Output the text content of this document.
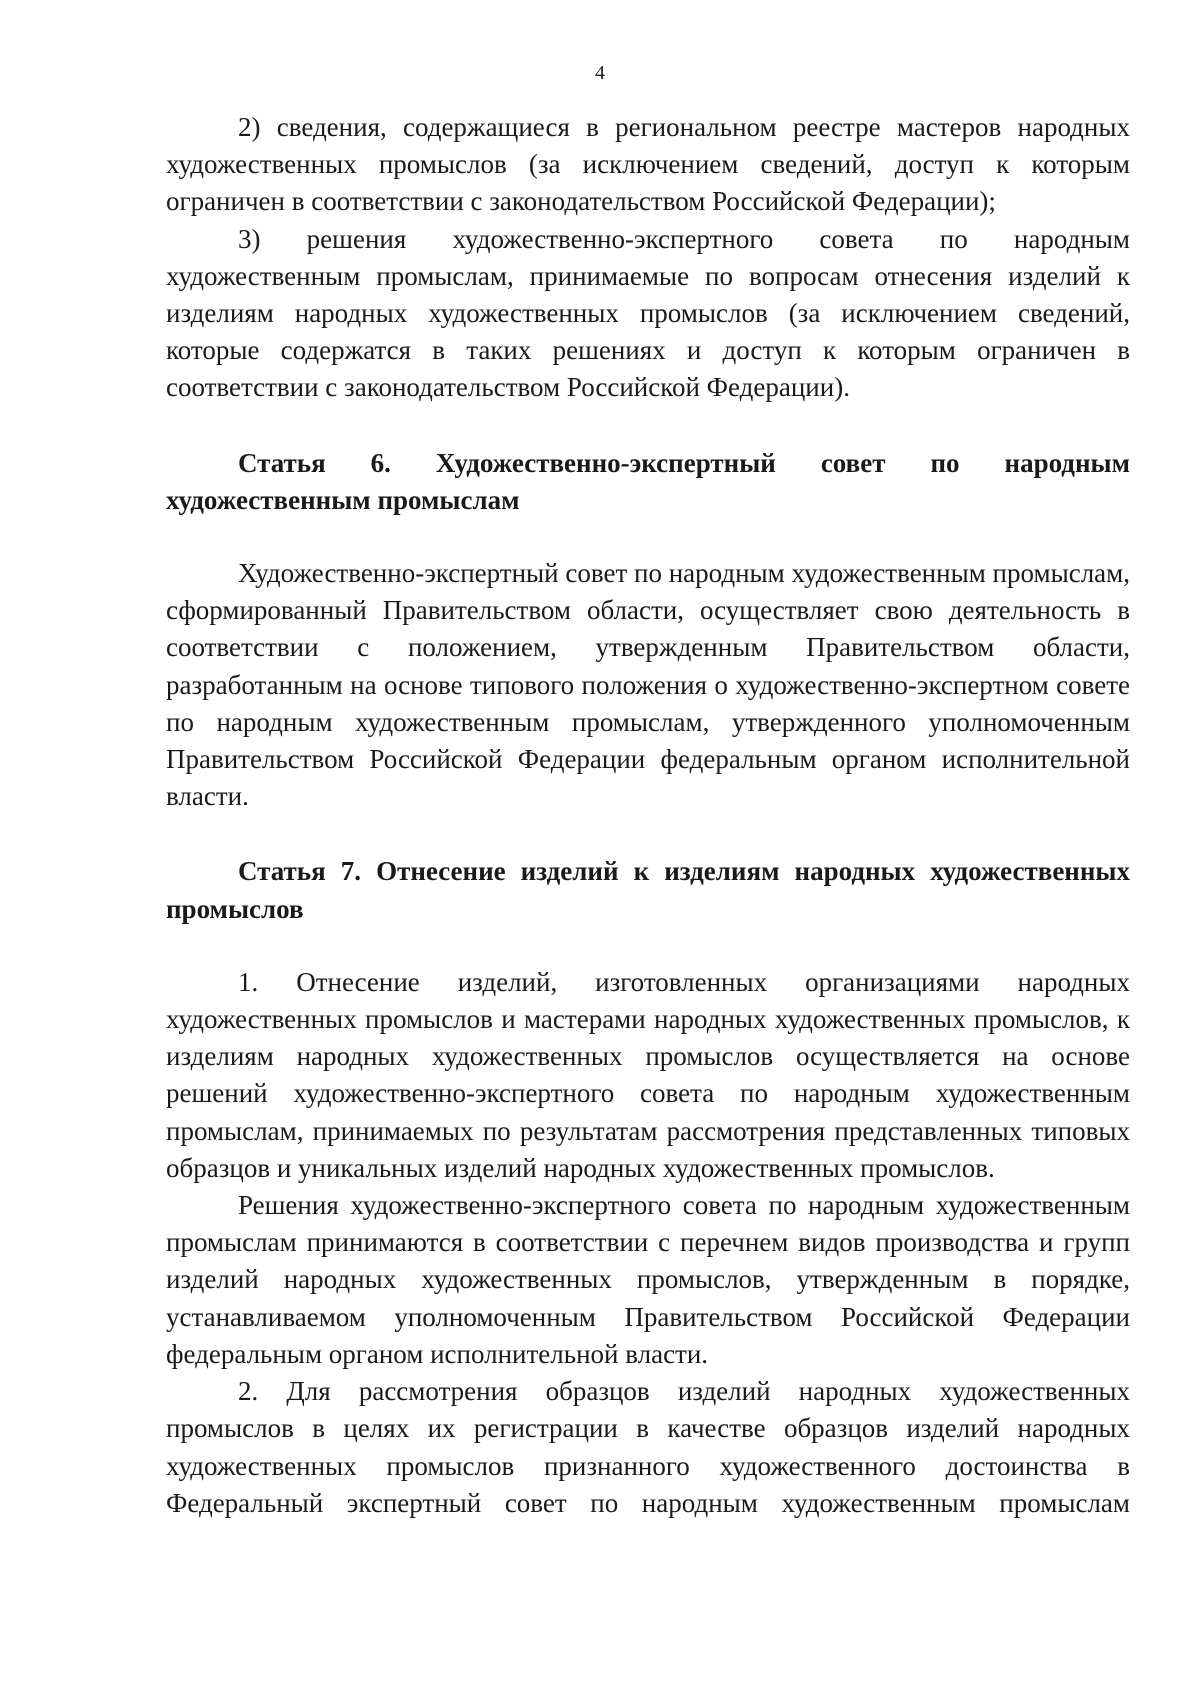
4

2) сведения, содержащиеся в региональном реестре мастеров народных художественных промыслов (за исключением сведений, доступ к которым ограничен в соответствии с законодательством Российской Федерации);

3) решения художественно-экспертного совета по народным художественным промыслам, принимаемые по вопросам отнесения изделий к изделиям народных художественных промыслов (за исключением сведений, которые содержатся в таких решениях и доступ к которым ограничен в соответствии с законодательством Российской Федерации).

Статья 6. Художественно-экспертный совет по народным художественным промыслам

Художественно-экспертный совет по народным художественным промыслам, сформированный Правительством области, осуществляет свою деятельность в соответствии с положением, утвержденным Правительством области, разработанным на основе типового положения о художественно-экспертном совете по народным художественным промыслам, утвержденного уполномоченным Правительством Российской Федерации федеральным органом исполнительной власти.

Статья 7. Отнесение изделий к изделиям народных художественных промыслов

1. Отнесение изделий, изготовленных организациями народных художественных промыслов и мастерами народных художественных промыслов, к изделиям народных художественных промыслов осуществляется на основе решений художественно-экспертного совета по народным художественным промыслам, принимаемых по результатам рассмотрения представленных типовых образцов и уникальных изделий народных художественных промыслов.

Решения художественно-экспертного совета по народным художественным промыслам принимаются в соответствии с перечнем видов производства и групп изделий народных художественных промыслов, утвержденным в порядке, устанавливаемом уполномоченным Правительством Российской Федерации федеральным органом исполнительной власти.

2. Для рассмотрения образцов изделий народных художественных промыслов в целях их регистрации в качестве образцов изделий народных художественных промыслов признанного художественного достоинства в Федеральный экспертный совет по народным художественным промыслам
